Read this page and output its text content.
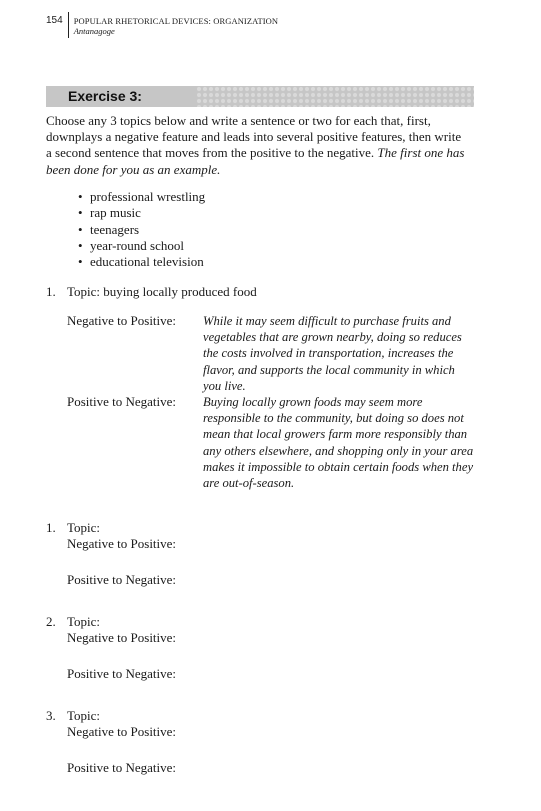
154	POPULAR RHETORICAL DEVICES: ORGANIZATION
Antanagoge
Exercise 3:
Choose any 3 topics below and write a sentence or two for each that, first, downplays a negative feature and leads into several positive features, then write a second sentence that moves from the positive to the negative. The first one has been done for you as an example.
• professional wrestling
• rap music
• teenagers
• year-round school
• educational television
1. Topic: buying locally produced food
Negative to Positive: While it may seem difficult to purchase fruits and vegetables that are grown nearby, doing so reduces the costs involved in transportation, increases the flavor, and supports the local community in which you live.
Positive to Negative: Buying locally grown foods may seem more responsible to the community, but doing so does not mean that local growers farm more responsibly than any others elsewhere, and shopping only in your area makes it impossible to obtain certain foods when they are out-of-season.
1. Topic:
Negative to Positive:
Positive to Negative:
2. Topic:
Negative to Positive:
Positive to Negative:
3. Topic:
Negative to Positive:
Positive to Negative:
